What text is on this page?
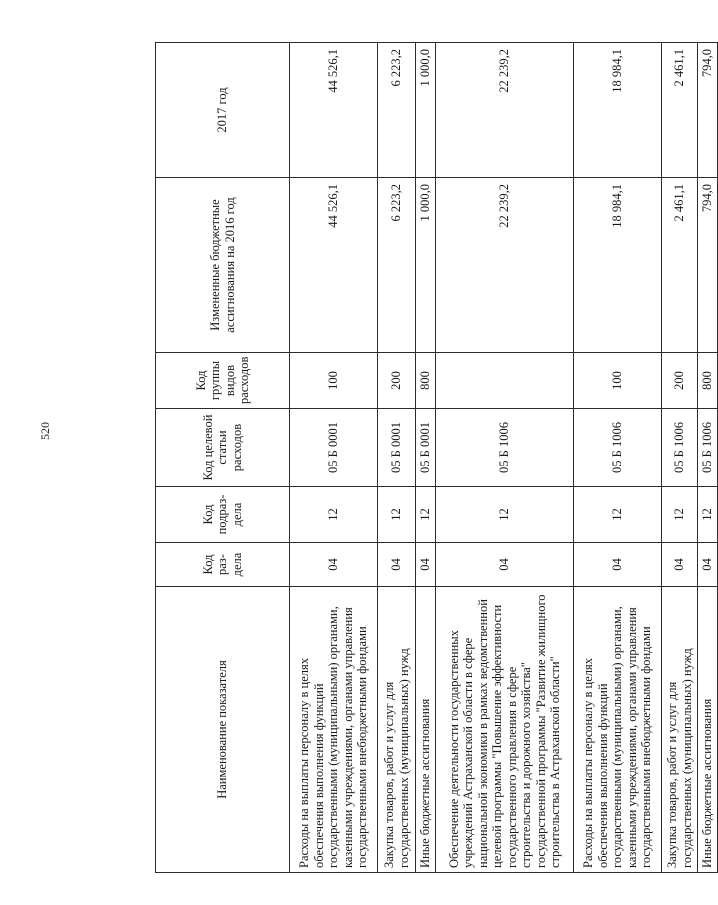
520
Наименование показателя	Код раз-дела	Код подраз-дела	Код целевой статьи расходов	Код группы видов расходов	Измененные бюджетные ассигнования на 2016 год	2017 год
Расходы на выплаты персоналу в целях обеспечения выполнения функций государственными (муниципальными) органами, казенными учреждениями, органами управления государственными внебюджетными фондами	04	12	05 Б 0001	100	44 526,1	44 526,1
Закупка товаров, работ и услуг для государственных (муниципальных) нужд	04	12	05 Б 0001	200	6 223,2	6 223,2
Иные бюджетные ассигнования	04	12	05 Б 0001	800	1 000,0	1 000,0
Обеспечение деятельности государственных учреждений Астраханской области в сфере национальной экономики в рамках ведомственной целевой программы "Повышение эффективности государственного управления в сфере строительства и дорожного хозяйства" государственной программы "Развитие жилищного строительства в Астраханской области"	04	12	05 Б 1006		22 239,2	22 239,2
Расходы на выплаты персоналу в целях обеспечения выполнения функций государственными (муниципальными) органами, казенными учреждениями, органами управления государственными внебюджетными фондами	04	12	05 Б 1006	100	18 984,1	18 984,1
Закупка товаров, работ и услуг для государственных (муниципальных) нужд	04	12	05 Б 1006	200	2 461,1	2 461,1
Иные бюджетные ассигнования	04	12	05 Б 1006	800	794,0	794,0
